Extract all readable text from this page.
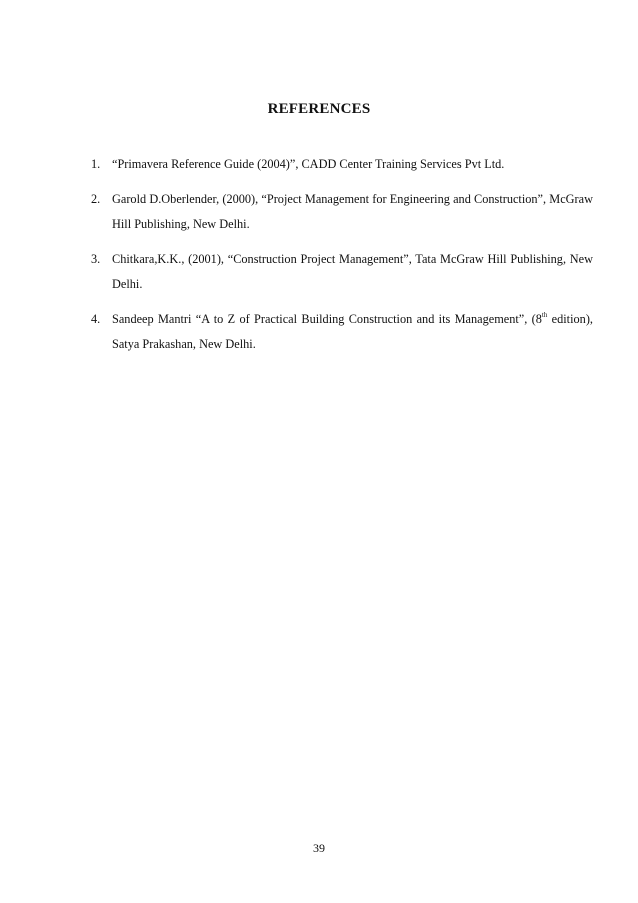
REFERENCES
1. “Primavera Reference Guide (2004)”, CADD Center Training Services Pvt Ltd.
2. Garold D.Oberlender, (2000), “Project Management for Engineering and Construction”, McGraw Hill Publishing, New Delhi.
3. Chitkara,K.K., (2001), “Construction Project Management”, Tata McGraw Hill Publishing, New Delhi.
4. Sandeep Mantri “A to Z of Practical Building Construction and its Management”, (8th edition), Satya Prakashan, New Delhi.
39
